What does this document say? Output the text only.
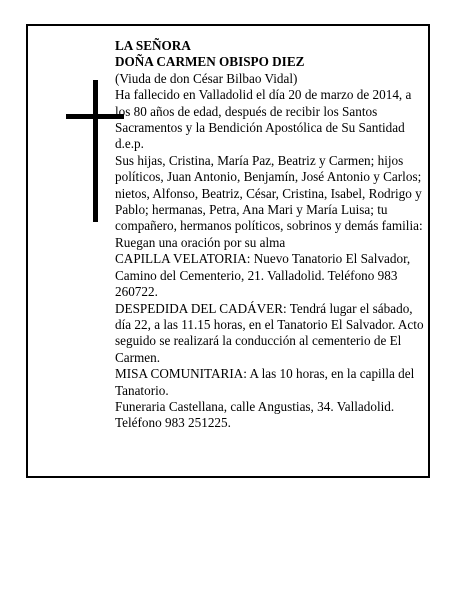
LA SEÑORA

DOÑA CARMEN OBISPO DIEZ

(Viuda de don César Bilbao Vidal)

Ha fallecido en Valladolid el día 20 de marzo de 2014, a los 80 años de edad, después de recibir los Santos Sacramentos y la Bendición Apostólica de Su Santidad

d.e.p.

Sus hijas, Cristina, María Paz, Beatriz y Carmen; hijos políticos, Juan Antonio, Benjamín, José Antonio y Carlos; nietos, Alfonso, Beatriz, César, Cristina, Isabel, Rodrigo y Pablo; hermanas, Petra, Ana Mari y María Luisa; tu compañero, hermanos políticos, sobrinos y demás familia:

Ruegan una oración por su alma

CAPILLA VELATORIA: Nuevo Tanatorio El Salvador, Camino del Cementerio, 21. Valladolid. Teléfono 983 260722.

DESPEDIDA DEL CADÁVER: Tendrá lugar el sábado, día 22, a las 11.15 horas, en el Tanatorio El Salvador. Acto seguido se realizará la conducción al cementerio de El Carmen.

MISA COMUNITARIA: A las 10 horas, en la capilla del Tanatorio.

Funeraria Castellana, calle Angustias, 34. Valladolid. Teléfono 983 251225.
